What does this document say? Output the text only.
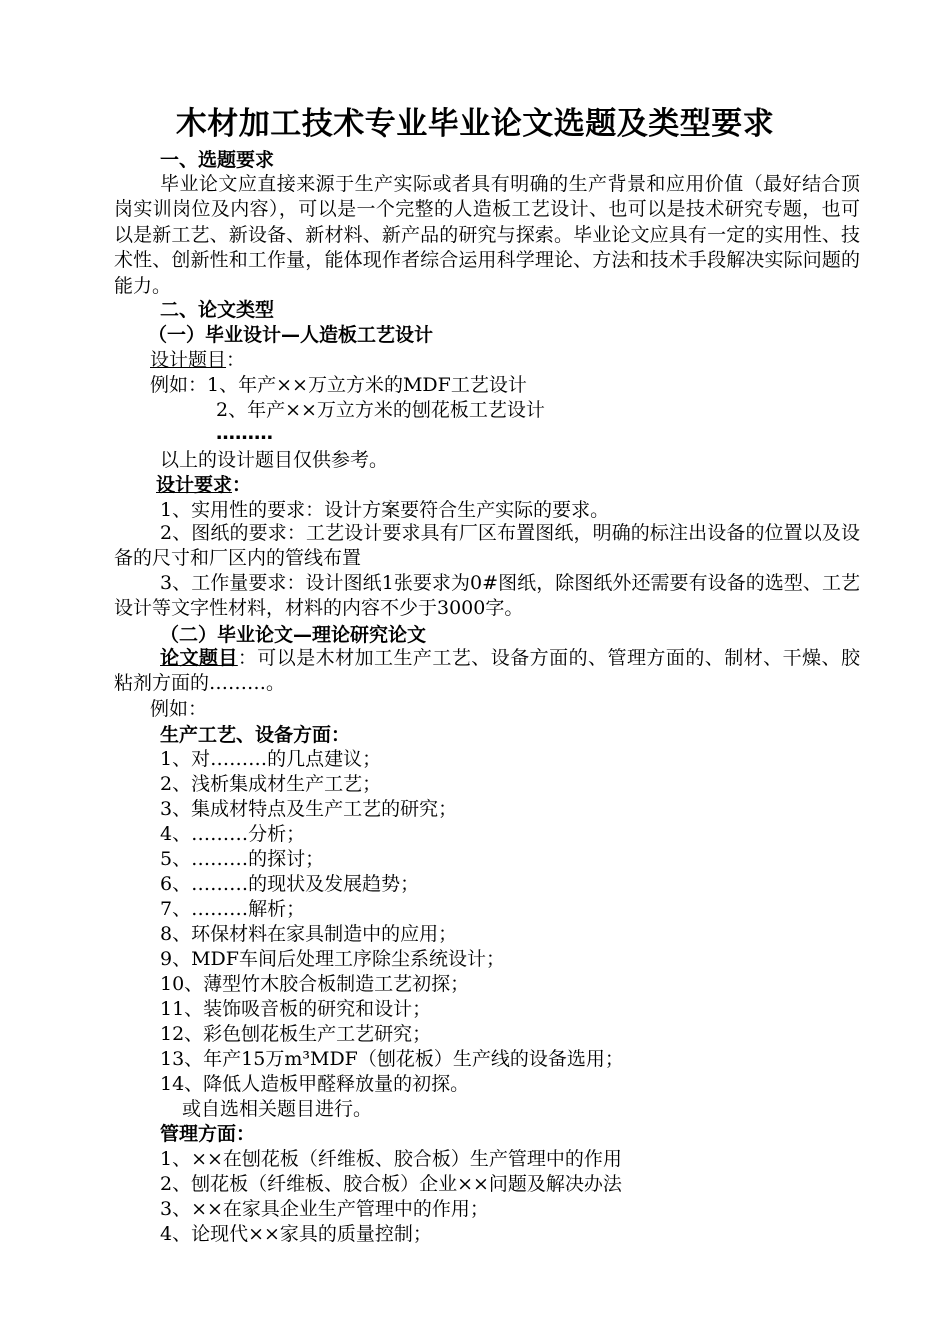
木材加工技术专业毕业论文选题及类型要求
一、选题要求
毕业论文应直接来源于生产实际或者具有明确的生产背景和应用价值（最好结合顶岗实训岗位及内容），可以是一个完整的人造板工艺设计、也可以是技术研究专题，也可以是新工艺、新设备、新材料、新产品的研究与探索。毕业论文应具有一定的实用性、技术性、创新性和工作量，能体现作者综合运用科学理论、方法和技术手段解决实际问题的能力。
二、论文类型
（一）毕业设计—人造板工艺设计
设计题目：
例如：1、年产××万立方米的MDF工艺设计
2、年产××万立方米的刨花板工艺设计
………
以上的设计题目仅供参考。
设计要求：
1、实用性的要求：设计方案要符合生产实际的要求。
2、图纸的要求：工艺设计要求具有厂区布置图纸，明确的标注出设备的位置以及设备的尺寸和厂区内的管线布置
3、工作量要求：设计图纸1张要求为0#图纸，除图纸外还需要有设备的选型、工艺设计等文字性材料，材料的内容不少于3000字。
（二）毕业论文—理论研究论文
论文题目：可以是木材加工生产工艺、设备方面的、管理方面的、制材、干燥、胶粘剂方面的………。
例如：
生产工艺、设备方面：
1、对………的几点建议；
2、浅析集成材生产工艺；
3、集成材特点及生产工艺的研究；
4、………分析；
5、………的探讨；
6、………的现状及发展趋势；
7、………解析；
8、环保材料在家具制造中的应用；
9、MDF车间后处理工序除尘系统设计；
10、薄型竹木胶合板制造工艺初探；
11、装饰吸音板的研究和设计；
12、彩色刨花板生产工艺研究；
13、年产15万m³MDF（刨花板）生产线的设备选用；
14、降低人造板甲醛释放量的初探。
或自选相关题目进行。
管理方面：
1、××在刨花板（纤维板、胶合板）生产管理中的作用
2、刨花板（纤维板、胶合板）企业××问题及解决办法
3、××在家具企业生产管理中的作用；
4、论现代××家具的质量控制；
